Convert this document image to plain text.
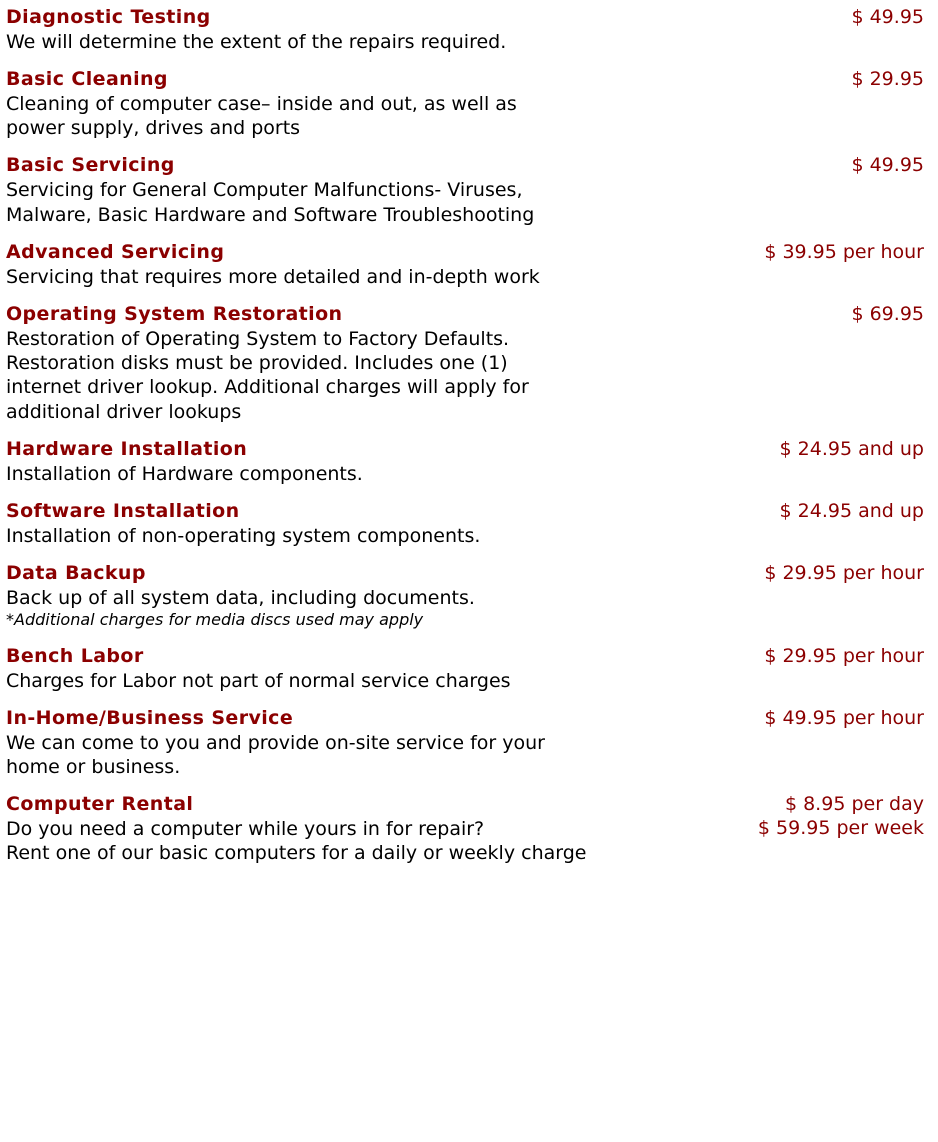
Diagnostic Testing	$ 49.95
We will determine the extent of the repairs required.
Basic Cleaning	$ 29.95
Cleaning of computer case– inside and out, as well as
power supply, drives and ports
Basic Servicing	$ 49.95
Servicing for General Computer Malfunctions- Viruses,
Malware, Basic Hardware and Software Troubleshooting
Advanced Servicing	$ 39.95 per hour
Servicing that requires more detailed and in-depth work
Operating System Restoration	$ 69.95
Restoration of Operating System to Factory Defaults.
Restoration disks must be provided. Includes one (1)
internet driver lookup. Additional charges will apply for
additional driver lookups
Hardware Installation	$ 24.95 and up
Installation of Hardware components.
Software Installation	$ 24.95 and up
Installation of non-operating system components.
Data Backup	$ 29.95 per hour
Back up of all system data, including documents.
*Additional charges for media discs used may apply
Bench Labor	$ 29.95 per hour
Charges for Labor not part of normal service charges
In-Home/Business Service	$ 49.95 per hour
We can come to you and provide on-site service for your
home or business.
Computer Rental	$ 8.95 per day
$ 59.95 per week
Do you need a computer while yours in for repair?
Rent one of our basic computers for a daily or weekly charge
